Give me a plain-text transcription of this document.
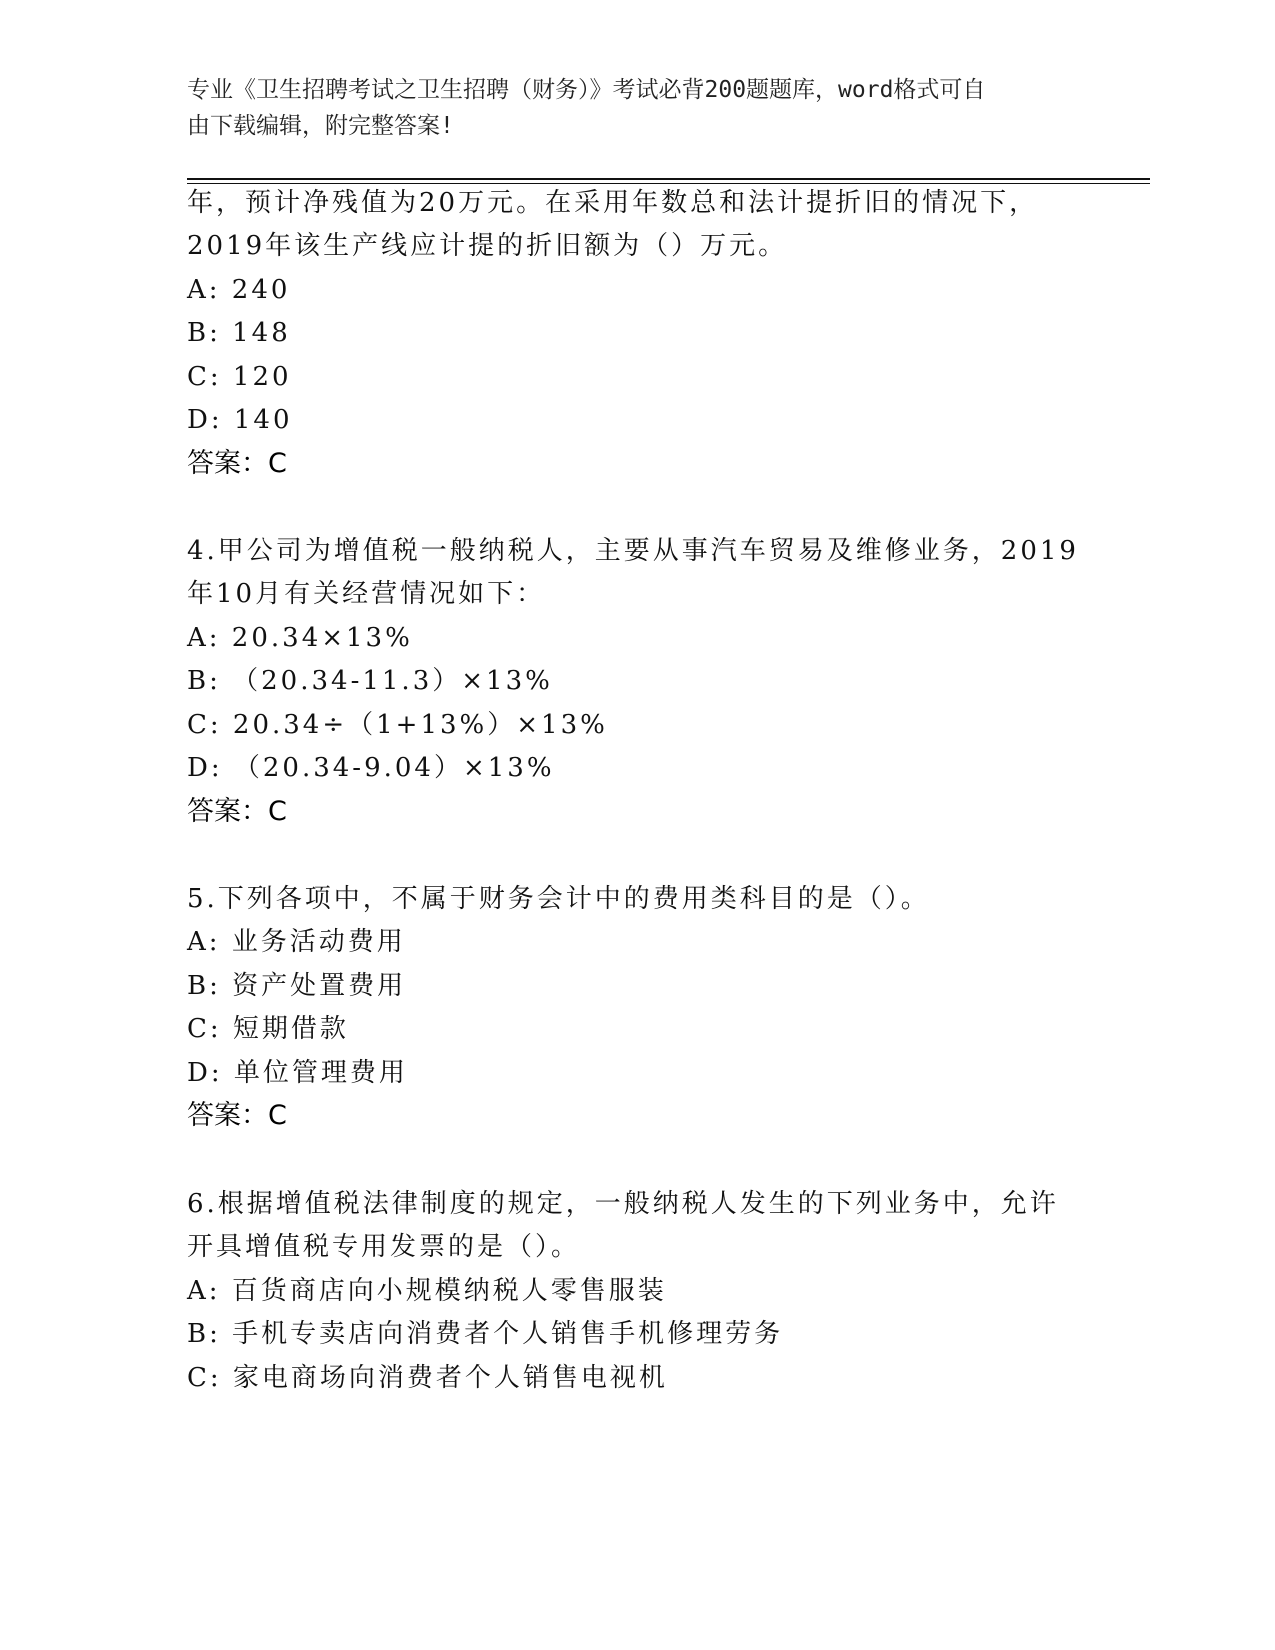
专业《卫生招聘考试之卫生招聘（财务）》考试必背200题题库，word格式可自

由下载编辑，附完整答案!

年，预计净残值为20万元。在采用年数总和法计提折旧的情况下，
2019年该生产线应计提的折旧额为（）万元。
A: 240
B: 148
C: 120
D: 140
答案：C
4.甲公司为增值税一般纳税人，主要从事汽车贸易及维修业务，2019
年10月有关经营情况如下：
A: 20.34×13%
B: （20.34-11.3）×13%
C: 20.34÷（1+13%）×13%
D: （20.34-9.04）×13%
答案：C
5.下列各项中，不属于财务会计中的费用类科目的是（）。
A: 业务活动费用
B: 资产处置费用
C: 短期借款
D: 单位管理费用
答案：C
6.根据增值税法律制度的规定，一般纳税人发生的下列业务中，允许
开具增值税专用发票的是（）。
A: 百货商店向小规模纳税人零售服装
B: 手机专卖店向消费者个人销售手机修理劳务
C: 家电商场向消费者个人销售电视机
